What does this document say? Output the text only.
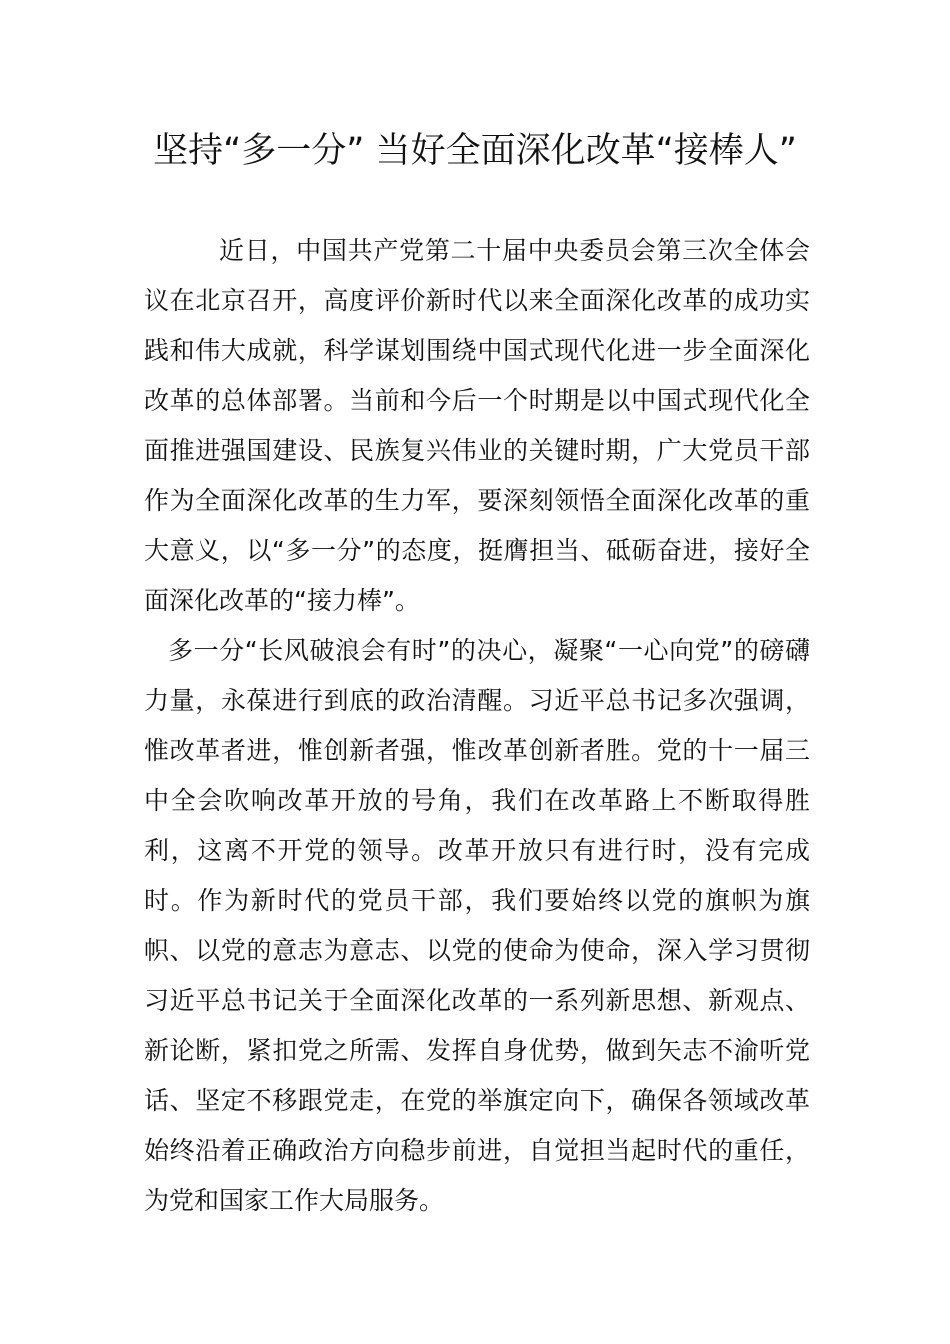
坚持“多一分” 当好全面深化改革“接棒人”

近日，中国共产党第二十届中央委员会第三次全体会议在北京召开，高度评价新时代以来全面深化改革的成功实践和伟大成就，科学谋划围绕中国式现代化进一步全面深化改革的总体部署。当前和今后一个时期是以中国式现代化全面推进强国建设、民族复兴伟业的关键时期，广大党员干部作为全面深化改革的生力军，要深刻领悟全面深化改革的重大意义，以“多一分”的态度，挺膺担当、砥砺奋进，接好全面深化改革的“接力棒”。

多一分“长风破浪会有时”的决心，凝聚“一心向党”的磅礴力量，永葆进行到底的政治清醒。习近平总书记多次强调，惟改革者进，惟创新者强，惟改革创新者胜。党的十一届三中全会吹响改革开放的号角，我们在改革路上不断取得胜利，这离不开党的领导。改革开放只有进行时，没有完成时。作为新时代的党员干部，我们要始终以党的旗帜为旗帜、以党的意志为意志、以党的使命为使命，深入学习贯彻习近平总书记关于全面深化改革的一系列新思想、新观点、新论断，紧扣党之所需、发挥自身优势，做到矢志不渝听党话、坚定不移跟党走，在党的举旗定向下，确保各领域改革始终沿着正确政治方向稳步前进，自觉担当起时代的重任，为党和国家工作大局服务。
